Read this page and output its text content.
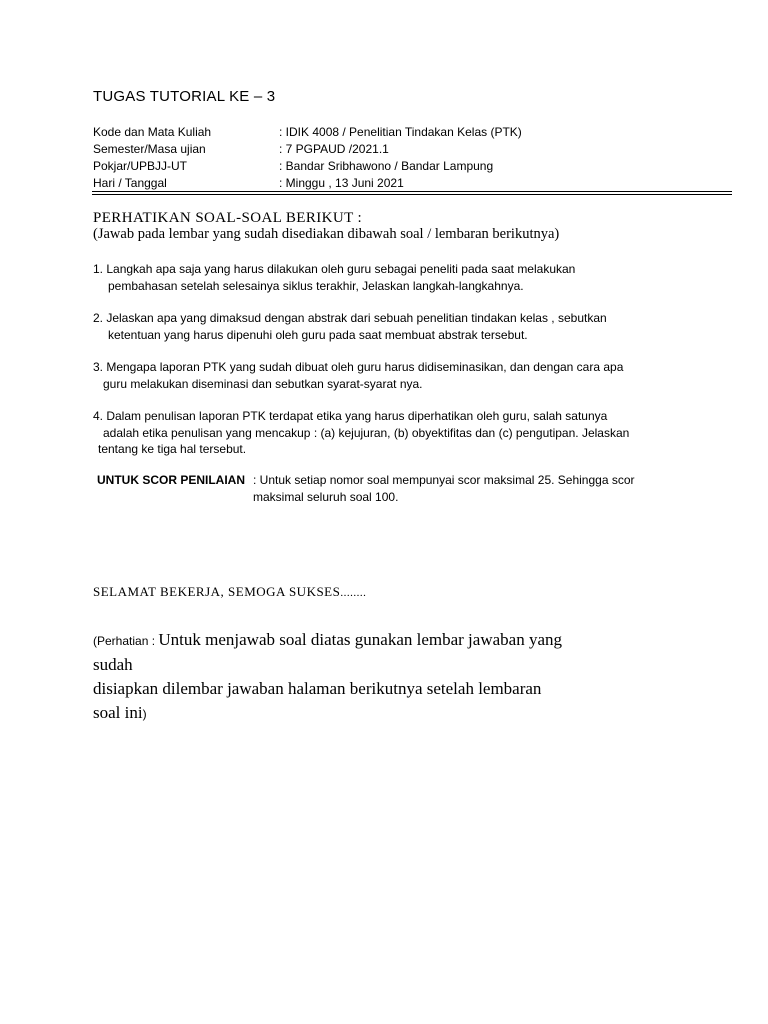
TUGAS TUTORIAL KE – 3
Kode dan Mata Kuliah	: IDIK 4008 / Penelitian Tindakan Kelas (PTK)
Semester/Masa ujian	: 7 PGPAUD /2021.1
Pokjar/UPBJJ-UT	: Bandar Sribhawono / Bandar Lampung
Hari / Tanggal	: Minggu , 13 Juni 2021
PERHATIKAN SOAL-SOAL BERIKUT :
(Jawab pada lembar yang sudah disediakan dibawah soal / lembaran berikutnya)
1. Langkah apa saja yang harus dilakukan oleh guru sebagai peneliti pada saat melakukan
pembahasan setelah selesainya siklus terakhir, Jelaskan langkah-langkahnya.
2. Jelaskan apa yang dimaksud dengan abstrak dari sebuah penelitian tindakan kelas , sebutkan
ketentuan yang harus dipenuhi oleh guru pada saat membuat abstrak tersebut.
3. Mengapa laporan PTK yang sudah dibuat oleh guru harus didiseminasikan, dan dengan cara apa
guru melakukan diseminasi dan sebutkan syarat-syarat nya.
4. Dalam penulisan laporan PTK terdapat etika yang harus diperhatikan oleh guru, salah satunya
adalah etika penulisan yang mencakup : (a) kejujuran, (b) obyektifitas dan (c) pengutipan. Jelaskan
tentang ke tiga hal tersebut.
UNTUK SCOR PENILAIAN : Untuk setiap nomor soal mempunyai scor maksimal 25. Sehingga scor
maksimal seluruh soal 100.
SELAMAT BEKERJA, SEMOGA SUKSES........
(Perhatian : Untuk menjawab soal diatas gunakan lembar jawaban yang
sudah
disiapkan dilembar jawaban halaman berikutnya setelah lembaran
soal ini)
